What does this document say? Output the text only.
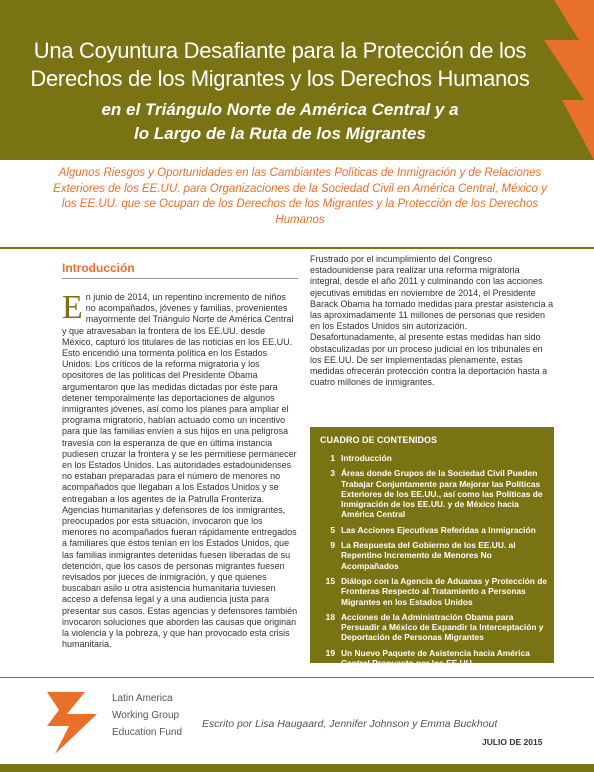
Una Coyuntura Desafiante para la Protección de los
Derechos de los Migrantes y los Derechos Humanos
en el Triángulo Norte de América Central y a
lo Largo de la Ruta de los Migrantes
Algunos Riesgos y Oportunidades en las Cambiantes Políticas de Inmigración y de Relaciones Exteriores de los EE.UU. para Organizaciones de la Sociedad Civil en América Central, México y los EE.UU. que se Ocupan de los Derechos de los Migrantes y la Protección de los Derechos Humanos
Introducción
E n junio de 2014, un repentino incremento de niños no acompañados, jóvenes y familias, provenientes mayormente del Triángulo Norte de América Central y que atravesaban la frontera de los EE.UU. desde México, capturó los titulares de las noticias en los EE.UU. Esto encendió una tormenta política en los Estados Unidos. Los críticos de la reforma migratoria y los opositores de las políticas del Presidente Obama argumentaron que las medidas dictadas por éste para detener temporalmente las deportaciones de algunos inmigrantes jóvenes, así como los planes para ampliar el programa migratorio, habían actuado como un incentivo para que las familias envíen a sus hijos en una peligrosa travesía con la esperanza de que en última instancia pudiesen cruzar la frontera y se les permitiese permanecer en los Estados Unidos. Las autoridades estadounidenses no estaban preparadas para el número de menores no acompañados que llegaban a los Estados Unidos y se entregaban a los agentes de la Patrulla Fronteriza. Agencias humanitarias y defensores de los inmigrantes, preocupados por esta situación, invocaron que los menores no acompañados fueran rápidamente entregados a familiares que éstos tenían en los Estados Unidos, que las familias inmigrantes detenidas fuesen liberadas de su detención, que los casos de personas migrantes fuesen revisados por jueces de inmigración, y que quienes buscaban asilo u otra asistencia humanitaria tuviesen acceso a defensa legal y a una audiencia justa para presentar sus casos. Estas agencias y defensores también invocaron soluciones que aborden las causas que originan la violencia y la pobreza, y que han provocado esta crisis humanitaria.
Frustrado por el incumplimiento del Congreso estadounidense para realizar una reforma migratoria integral, desde el año 2011 y culminando con las acciones ejecutivas emitidas en noviembre de 2014, el Presidente Barack Obama ha tornado medidas para prestar asistencia a las aproximadamente 11 millones de personas que residen en los Estados Unidos sin autorización. Desafortunadamente, al presente estas medidas han sido obstaculizadas por un proceso judicial en los tribunales en los EE.UU. De ser implementadas plenamente, estas medidas ofrecerán protección contra la deportación hasta a cuatro millones de inmigrantes.
CUADRO DE CONTENIDOS
1 Introducción
3 Áreas donde Grupos de la Sociedad Civil Pueden Trabajar Conjuntamente para Mejorar las Políticas Exteriores de los EE.UU., así como las Políticas de Inmigración de los EE.UU. y de México hacia América Central
5 Las Acciones Ejecutivas Referidas a Inmigración
9 La Respuesta del Gobierno de los EE.UU. al Repentino Incremento de Menores No Acompañados
15 Diálogo con la Agencia de Aduanas y Protección de Fronteras Respecto al Tratamiento a Personas Migrantes en los Estados Unidos
18 Acciones de la Administración Obama para Persuadir a México de Expandir la Interceptación y Deportación de Personas Migrantes
19 Un Nuevo Paquete de Asistencia hacia América Central Propuesto por los EE.UU.
Latin America
Working Group
Education Fund
Escrito por Lisa Haugaard, Jennifer Johnson y Emma Buckhout
JULIO DE 2015
